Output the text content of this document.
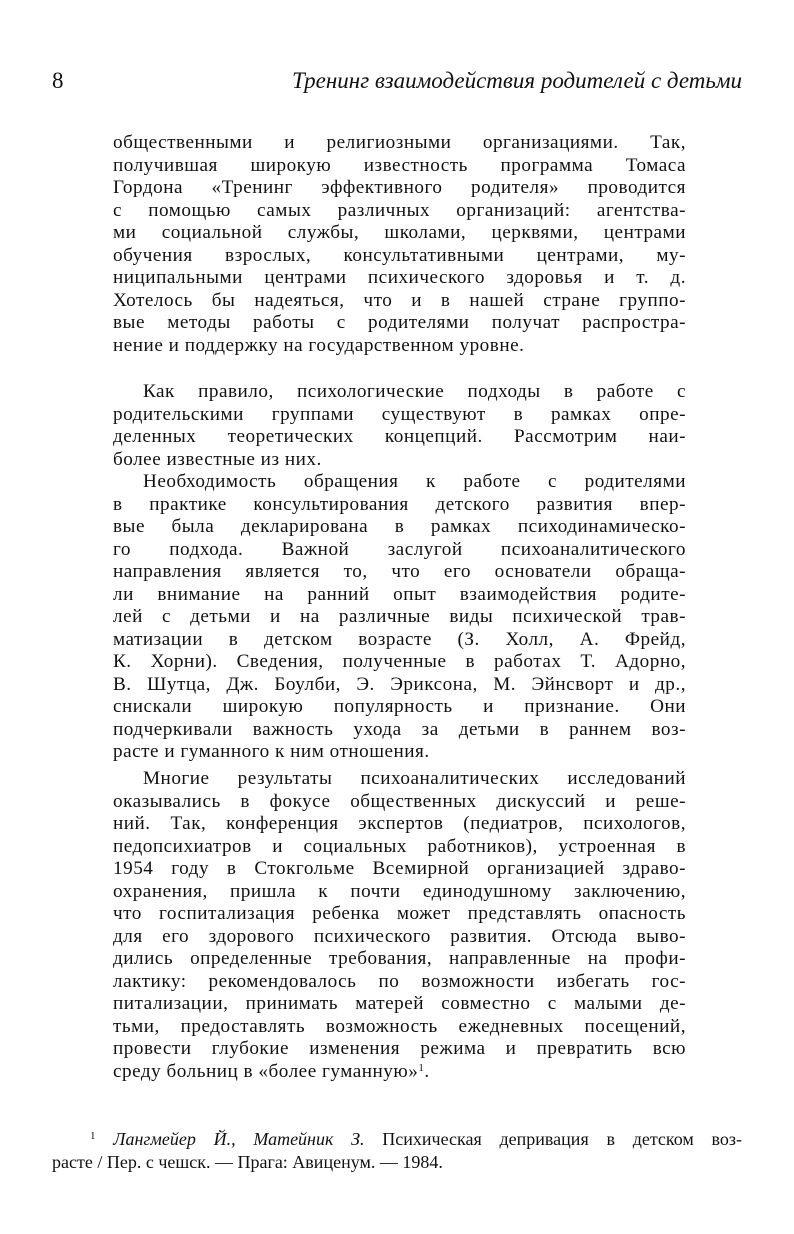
8	Тренинг взаимодействия родителей с детьми
общественными и религиозными организациями. Так,
получившая широкую известность программа Томаса
Гордона «Тренинг эффективного родителя» проводится
с помощью самых различных организаций: агентства-
ми социальной службы, школами, церквями, центрами
обучения взрослых, консультативными центрами, му-
ниципальными центрами психического здоровья и т. д.
Хотелось бы надеяться, что и в нашей стране группо-
вые методы работы с родителями получат распростра-
нение и поддержку на государственном уровне.
Как правило, психологические подходы в работе с
родительскими группами существуют в рамках опре-
деленных теоретических концепций. Рассмотрим наи-
более известные из них.
Необходимость обращения к работе с родителями
в практике консультирования детского развития впер-
вые была декларирована в рамках психодинамическо-
го подхода. Важной заслугой психоаналитического
направления является то, что его основатели обраща-
ли внимание на ранний опыт взаимодействия родите-
лей с детьми и на различные виды психической трав-
матизации в детском возрасте (З. Холл, А. Фрейд,
К. Хорни). Сведения, полученные в работах Т. Адорно,
В. Шутца, Дж. Боулби, Э. Эриксона, М. Эйнсворт и др.,
снискали широкую популярность и признание. Они
подчеркивали важность ухода за детьми в раннем воз-
расте и гуманного к ним отношения.
Многие результаты психоаналитических исследований
оказывались в фокусе общественных дискуссий и реше-
ний. Так, конференция экспертов (педиатров, психологов,
педопсихиатров и социальных работников), устроенная в
1954 году в Стокгольме Всемирной организацией здраво-
охранения, пришла к почти единодушному заключению,
что госпитализация ребенка может представлять опасность
для его здорового психического развития. Отсюда выво-
дились определенные требования, направленные на профи-
лактику: рекомендовалось по возможности избегать гос-
питализации, принимать матерей совместно с малыми де-
тьми, предоставлять возможность ежедневных посещений,
провести глубокие изменения режима и превратить всю
среду больниц в «более гуманную»$^1$.
$^1$ Лангмейер Й., Матейник З. Психическая депривация в детском воз-
расте / Пер. с чешск. — Прага: Авиценум. — 1984.
